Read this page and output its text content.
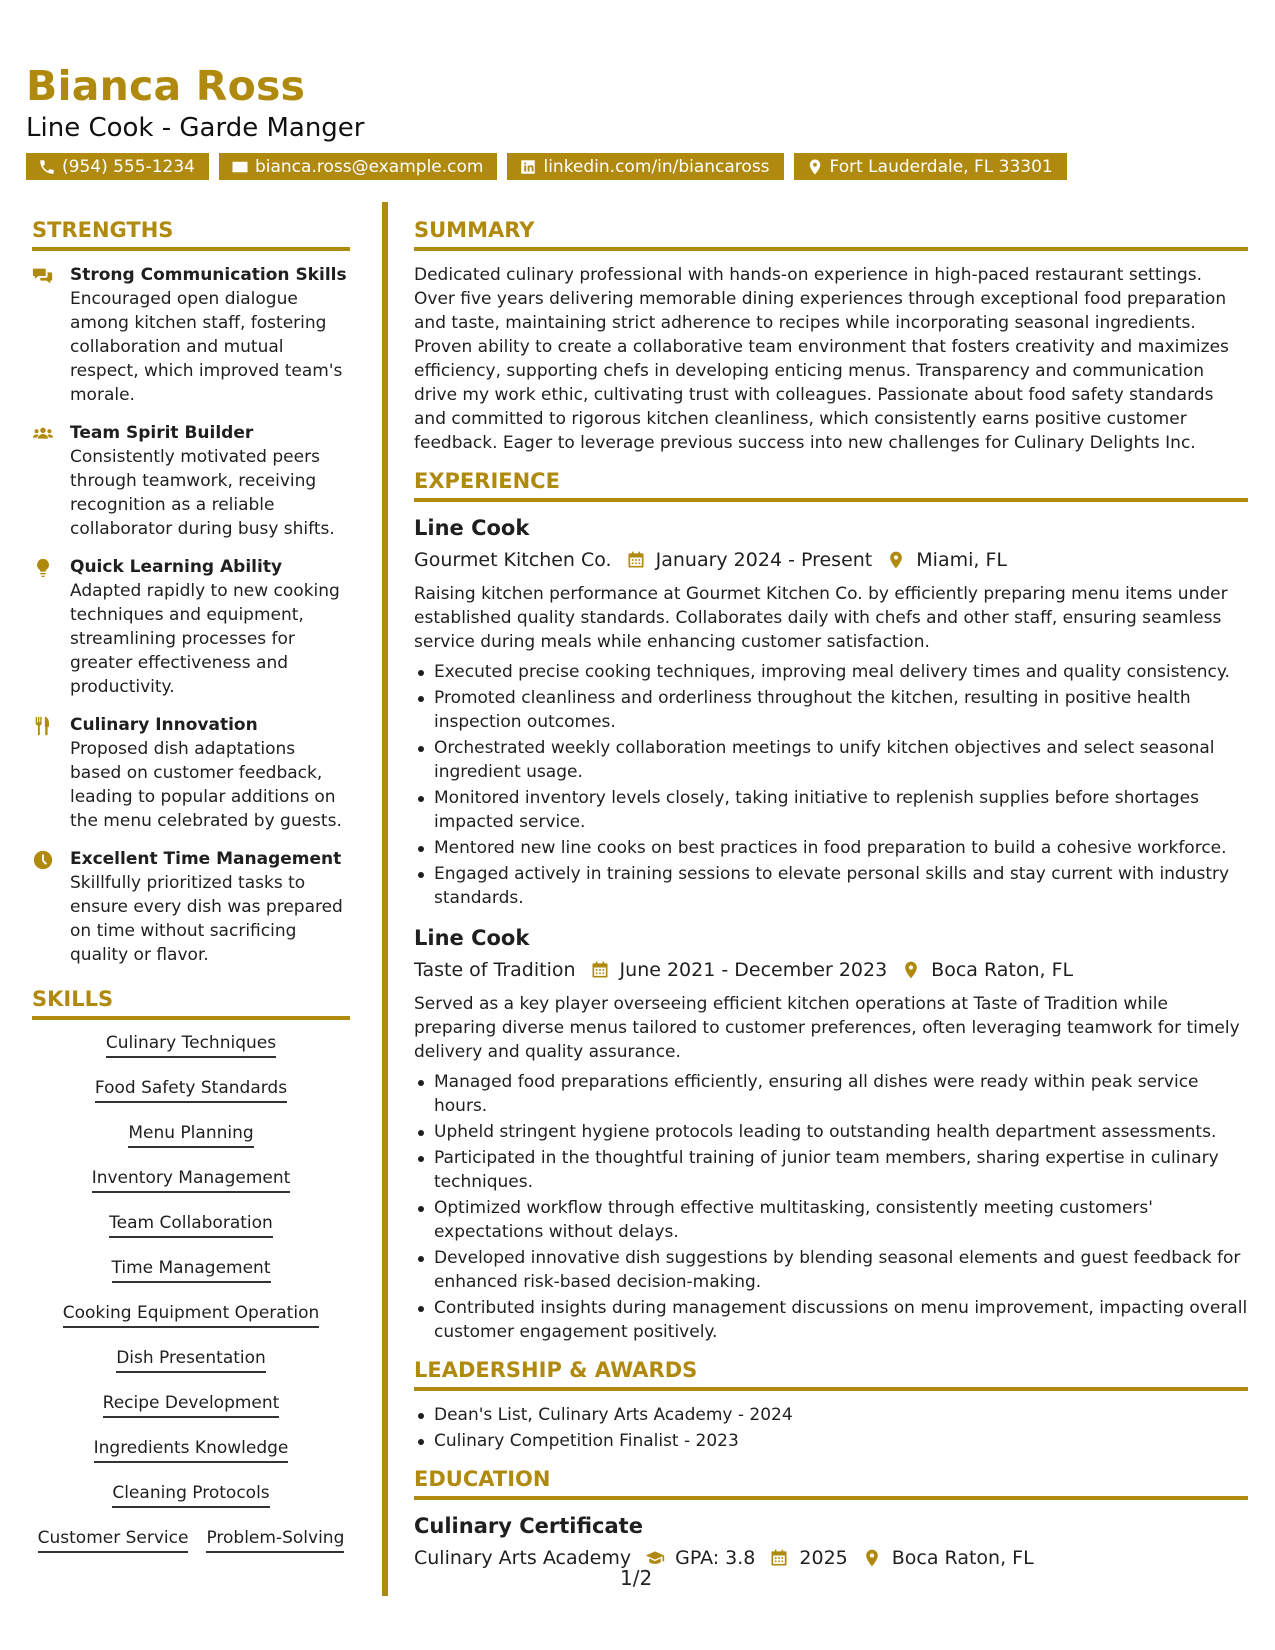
Bianca Ross
Line Cook - Garde Manger
(954) 555-1234	bianca.ross@example.com	linkedin.com/in/biancaross	Fort Lauderdale, FL 33301
STRENGTHS
Strong Communication Skills
Encouraged open dialogue among kitchen staff, fostering collaboration and mutual respect, which improved team's morale.
Team Spirit Builder
Consistently motivated peers through teamwork, receiving recognition as a reliable collaborator during busy shifts.
Quick Learning Ability
Adapted rapidly to new cooking techniques and equipment, streamlining processes for greater effectiveness and productivity.
Culinary Innovation
Proposed dish adaptations based on customer feedback, leading to popular additions on the menu celebrated by guests.
Excellent Time Management
Skillfully prioritized tasks to ensure every dish was prepared on time without sacrificing quality or flavor.
SKILLS
Culinary Techniques
Food Safety Standards
Menu Planning
Inventory Management
Team Collaboration
Time Management
Cooking Equipment Operation
Dish Presentation
Recipe Development
Ingredients Knowledge
Cleaning Protocols
Customer Service Problem-Solving
SUMMARY
Dedicated culinary professional with hands-on experience in high-paced restaurant settings. Over five years delivering memorable dining experiences through exceptional food preparation and taste, maintaining strict adherence to recipes while incorporating seasonal ingredients. Proven ability to create a collaborative team environment that fosters creativity and maximizes efficiency, supporting chefs in developing enticing menus. Transparency and communication drive my work ethic, cultivating trust with colleagues. Passionate about food safety standards and committed to rigorous kitchen cleanliness, which consistently earns positive customer feedback. Eager to leverage previous success into new challenges for Culinary Delights Inc.
EXPERIENCE
Line Cook
Gourmet Kitchen Co. January 2024 - Present Miami, FL
Raising kitchen performance at Gourmet Kitchen Co. by efficiently preparing menu items under established quality standards. Collaborates daily with chefs and other staff, ensuring seamless service during meals while enhancing customer satisfaction.
Executed precise cooking techniques, improving meal delivery times and quality consistency.
Promoted cleanliness and orderliness throughout the kitchen, resulting in positive health inspection outcomes.
Orchestrated weekly collaboration meetings to unify kitchen objectives and select seasonal ingredient usage.
Monitored inventory levels closely, taking initiative to replenish supplies before shortages impacted service.
Mentored new line cooks on best practices in food preparation to build a cohesive workforce.
Engaged actively in training sessions to elevate personal skills and stay current with industry standards.
Line Cook
Taste of Tradition June 2021 - December 2023 Boca Raton, FL
Served as a key player overseeing efficient kitchen operations at Taste of Tradition while preparing diverse menus tailored to customer preferences, often leveraging teamwork for timely delivery and quality assurance.
Managed food preparations efficiently, ensuring all dishes were ready within peak service hours.
Upheld stringent hygiene protocols leading to outstanding health department assessments.
Participated in the thoughtful training of junior team members, sharing expertise in culinary techniques.
Optimized workflow through effective multitasking, consistently meeting customers' expectations without delays.
Developed innovative dish suggestions by blending seasonal elements and guest feedback for enhanced risk-based decision-making.
Contributed insights during management discussions on menu improvement, impacting overall customer engagement positively.
LEADERSHIP & AWARDS
Dean's List, Culinary Arts Academy - 2024
Culinary Competition Finalist - 2023
EDUCATION
Culinary Certificate
Culinary Arts Academy GPA: 3.8 2025 Boca Raton, FL
1/2
